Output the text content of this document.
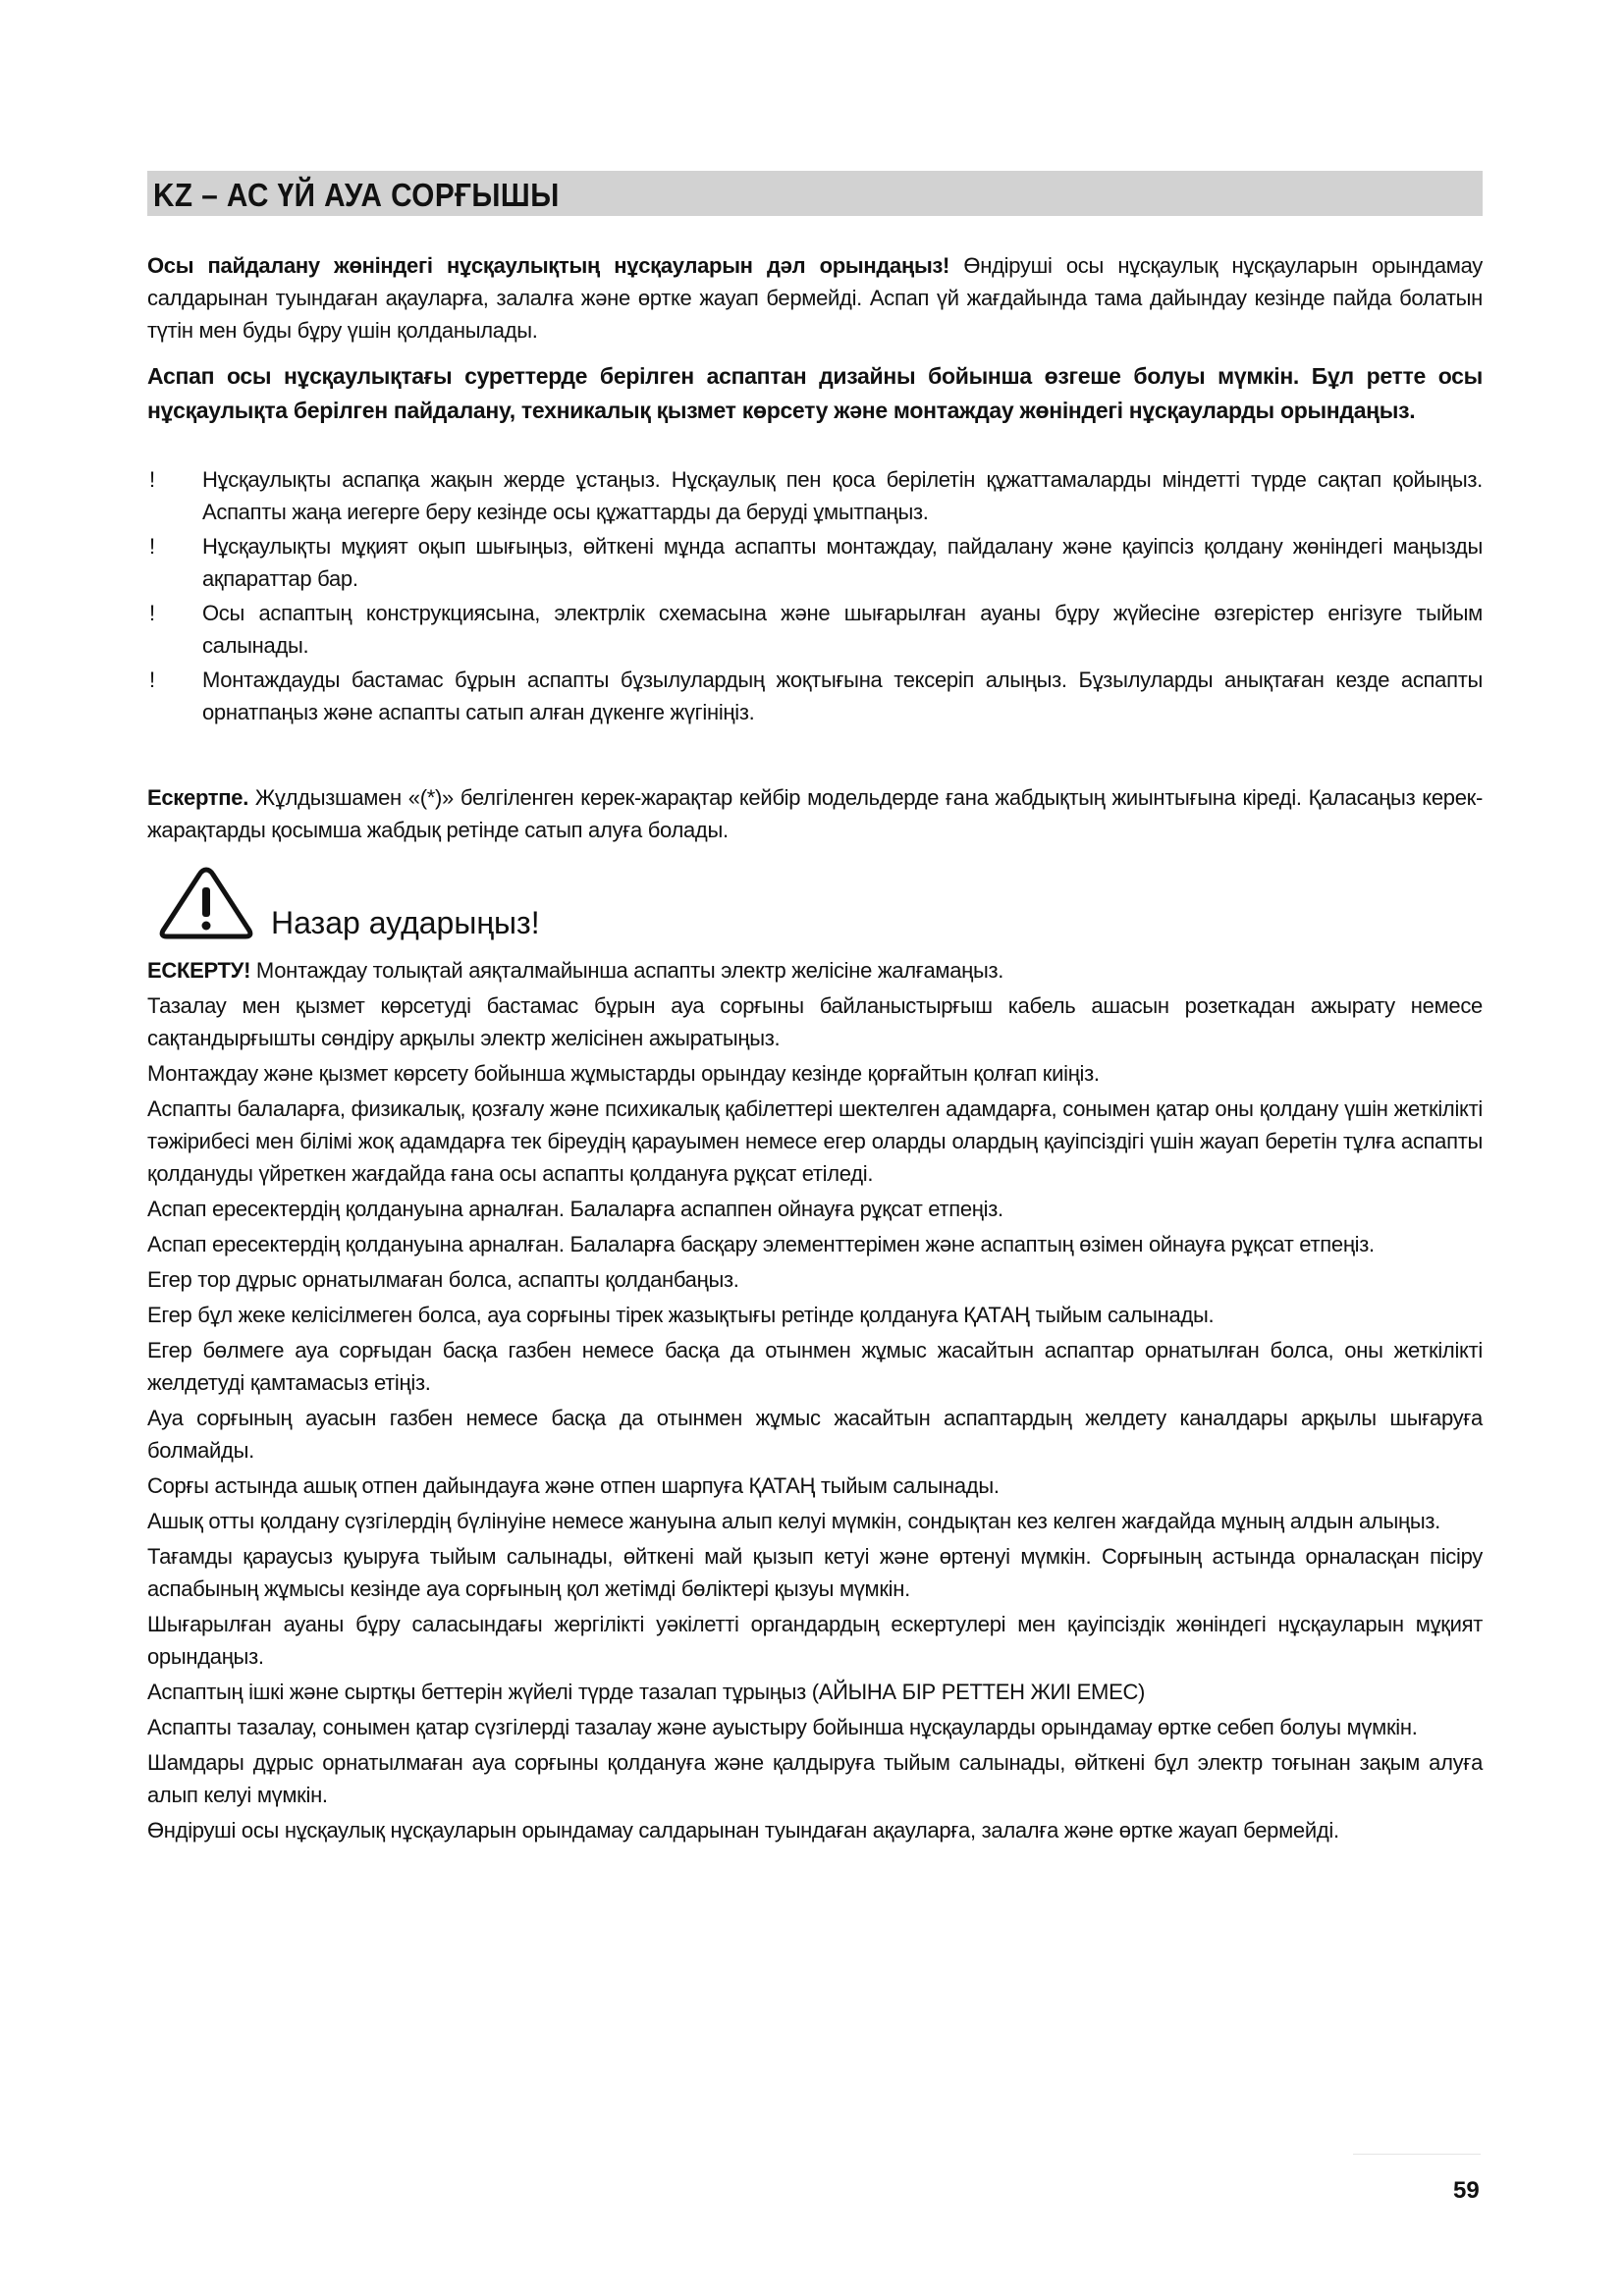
KZ – АС ҮЙ АУА СОРҒЫШЫ
Осы пайдалану жөніндегі нұсқаулықтың нұсқауларын дәл орындаңыз! Өндіруші осы нұсқаулық нұсқауларын орындамау салдарынан туындаған ақауларға, залалға және өртке жауап бермейді. Аспап үй жағдайында тама дайындау кезінде пайда болатын түтін мен буды бұру үшін қолданылады.
Аспап осы нұсқаулықтағы суреттерде берілген аспаптан дизайны бойынша өзгеше болуы мүмкін. Бұл ретте осы нұсқаулықта берілген пайдалану, техникалық қызмет көрсету және монтаждау жөніндегі нұсқауларды орындаңыз.
! Нұсқаулықты аспапқа жақын жерде ұстаңыз. Нұсқаулық пен қоса берілетін құжаттамаларды міндетті түрде сақтап қойыңыз. Аспапты жаңа иегерге беру кезінде осы құжаттарды да беруді ұмытпаңыз.
! Нұсқаулықты мұқият оқып шығыңыз, өйткені мұнда аспапты монтаждау, пайдалану және қауіпсіз қолдану жөніндегі маңызды ақпараттар бар.
! Осы аспаптың конструкциясына, электрлік схемасына және шығарылған ауаны бұру жүйесіне өзгерістер енгізуге тыйым салынады.
! Монтаждауды бастамас бұрын аспапты бұзылулардың жоқтығына тексеріп алыңыз. Бұзылуларды анықтаған кезде аспапты орнатпаңыз және аспапты сатып алған дүкенге жүгініңіз.
Ескертпе. Жұлдызшамен «(*)» белгіленген керек-жарақтар кейбір модельдерде ғана жабдықтың жиынтығына кіреді. Қаласаңыз керек-жарақтарды қосымша жабдық ретінде сатып алуға болады.
Назар аударыңыз!

ЕСКЕРТУ! Монтаждау толықтай аяқталмайынша аспапты электр желісіне жалғамаңыз.

Тазалау мен қызмет көрсетуді бастамас бұрын ауа сорғыны байланыстырғыш кабель ашасын розеткадан ажырату немесе сақтандырғышты сөндіру арқылы электр желісінен ажыратыңыз.

Монтаждау және қызмет көрсету бойынша жұмыстарды орындау кезінде қорғайтын қолғап киіңіз.

Аспапты балаларға, физикалық, қозғалу және психикалық қабілеттері шектелген адамдарға, сонымен қатар оны қолдану үшін жеткілікті тәжірибесі мен білімі жоқ адамдарға тек біреудің қарауымен немесе егер оларды олардың қауіпсіздігі үшін жауап беретін тұлға аспапты қолдануды үйреткен жағдайда ғана осы аспапты қолдануға рұқсат етіледі.

Аспап ересектердің қолдануына арналған. Балаларға аспаппен ойнауға рұқсат етпеңіз.

Аспап ересектердің қолдануына арналған. Балаларға басқару элементтерімен және аспаптың өзімен ойнауға рұқсат етпеңіз.

Егер тор дұрыс орнатылмаған болса, аспапты қолданбаңыз.

Егер бұл жеке келісілмеген болса, ауа сорғыны тірек жазықтығы ретінде қолдануға ҚАТАҢ тыйым салынады.

Егер бөлмеге ауа сорғыдан басқа газбен немесе басқа да отынмен жұмыс жасайтын аспаптар орнатылған болса, оны жеткілікті желдетуді қамтамасыз етіңіз.

Ауа сорғының ауасын газбен немесе басқа да отынмен жұмыс жасайтын аспаптардың желдету каналдары арқылы шығаруға болмайды.

Сорғы астында ашық отпен дайындауға және отпен шарпуға ҚАТАҢ тыйым салынады.

Ашық отты қолдану сүзгілердің бүлінуіне немесе жануына алып келуі мүмкін, сондықтан кез келген жағдайда мұның алдын алыңыз.

Тағамды қараусыз қуыруға тыйым салынады, өйткені май қызып кетуі және өртенуі мүмкін. Сорғының астында орналасқан пісіру аспабының жұмысы кезінде ауа сорғының қол жетімді бөліктері қызуы мүмкін.

Шығарылған ауаны бұру саласындағы жергілікті уәкілетті органдардың ескертулері мен қауіпсіздік жөніндегі нұсқауларын мұқият орындаңыз.

Аспаптың ішкі және сыртқы беттерін жүйелі түрде тазалап тұрыңыз (АЙЫНА БІР РЕТТЕН ЖИІ ЕМЕС)

Аспапты тазалау, сонымен қатар сүзгілерді тазалау және ауыстыру бойынша нұсқауларды орындамау өртке себеп болуы мүмкін.

Шамдары дұрыс орнатылмаған ауа сорғыны қолдануға және қалдыруға тыйым салынады, өйткені бұл электр тоғынан зақым алуға алып келуі мүмкін.

Өндіруші осы нұсқаулық нұсқауларын орындамау салдарынан туындаған ақауларға, залалға және өртке жауап бермейді.

59
